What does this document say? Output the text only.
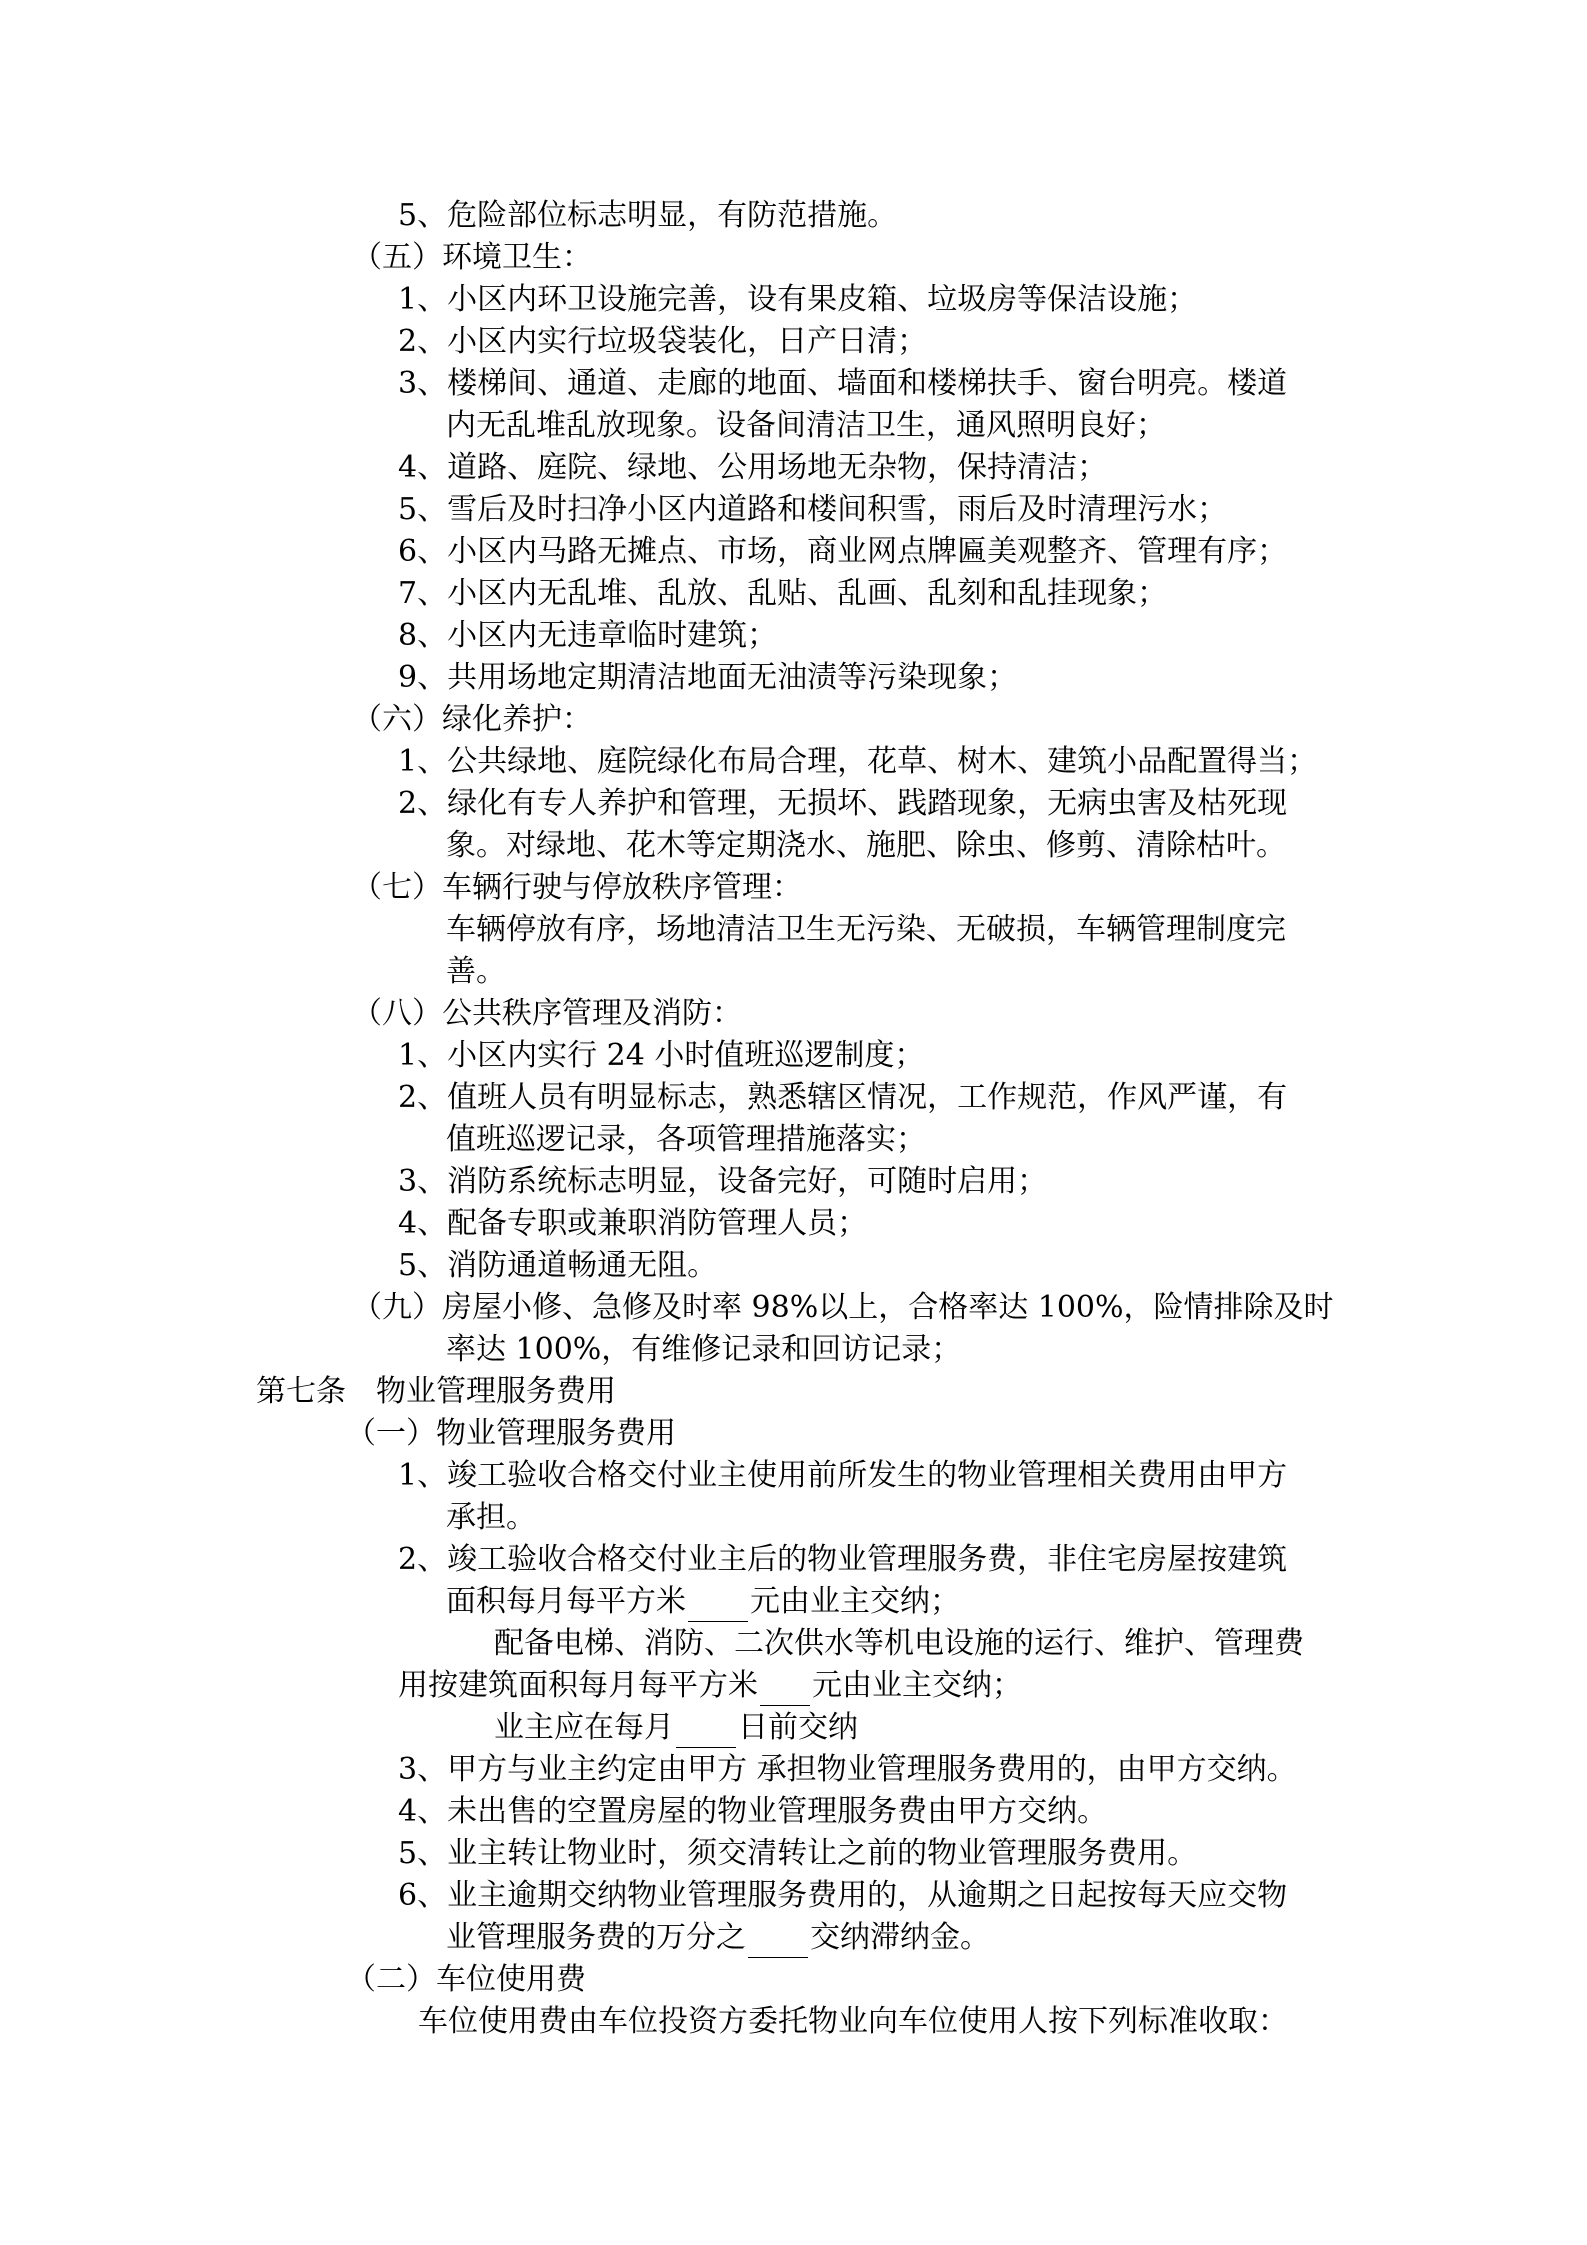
5、危险部位标志明显，有防范措施。
（五）环境卫生：
1、小区内环卫设施完善，设有果皮箱、垃圾房等保洁设施；
2、小区内实行垃圾袋装化，日产日清；
3、楼梯间、通道、走廊的地面、墙面和楼梯扶手、窗台明亮。楼道
内无乱堆乱放现象。设备间清洁卫生，通风照明良好；
4、道路、庭院、绿地、公用场地无杂物，保持清洁；
5、雪后及时扫净小区内道路和楼间积雪，雨后及时清理污水；
6、小区内马路无摊点、市场，商业网点牌匾美观整齐、管理有序；
7、小区内无乱堆、乱放、乱贴、乱画、乱刻和乱挂现象；
8、小区内无违章临时建筑；
9、共用场地定期清洁地面无油渍等污染现象；
（六）绿化养护：
1、公共绿地、庭院绿化布局合理，花草、树木、建筑小品配置得当；
2、绿化有专人养护和管理，无损坏、践踏现象，无病虫害及枯死现
象。对绿地、花木等定期浇水、施肥、除虫、修剪、清除枯叶。
（七）车辆行驶与停放秩序管理：
车辆停放有序，场地清洁卫生无污染、无破损，车辆管理制度完
善。
（八）公共秩序管理及消防：
1、小区内实行 24 小时值班巡逻制度；
2、值班人员有明显标志，熟悉辖区情况，工作规范，作风严谨，有
值班巡逻记录，各项管理措施落实；
3、消防系统标志明显，设备完好，可随时启用；
4、配备专职或兼职消防管理人员；
5、消防通道畅通无阻。
（九）房屋小修、急修及时率 98%以上，合格率达 100%，险情排除及时
率达 100%，有维修记录和回访记录；
第七条　物业管理服务费用
（一）物业管理服务费用
1、竣工验收合格交付业主使用前所发生的物业管理相关费用由甲方
承担。
2、竣工验收合格交付业主后的物业管理服务费，非住宅房屋按建筑
面积每月每平方米 元由业主交纳；
配备电梯、消防、二次供水等机电设施的运行、维护、管理费
用按建筑面积每月每平方米 元由业主交纳；
业主应在每月 日前交纳
3、甲方与业主约定由甲方 承担物业管理服务费用的，由甲方交纳。
4、未出售的空置房屋的物业管理服务费由甲方交纳。
5、业主转让物业时，须交清转让之前的物业管理服务费用。
6、业主逾期交纳物业管理服务费用的，从逾期之日起按每天应交物
业管理服务费的万分之 交纳滞纳金。
（二）车位使用费
车位使用费由车位投资方委托物业向车位使用人按下列标准收取：
